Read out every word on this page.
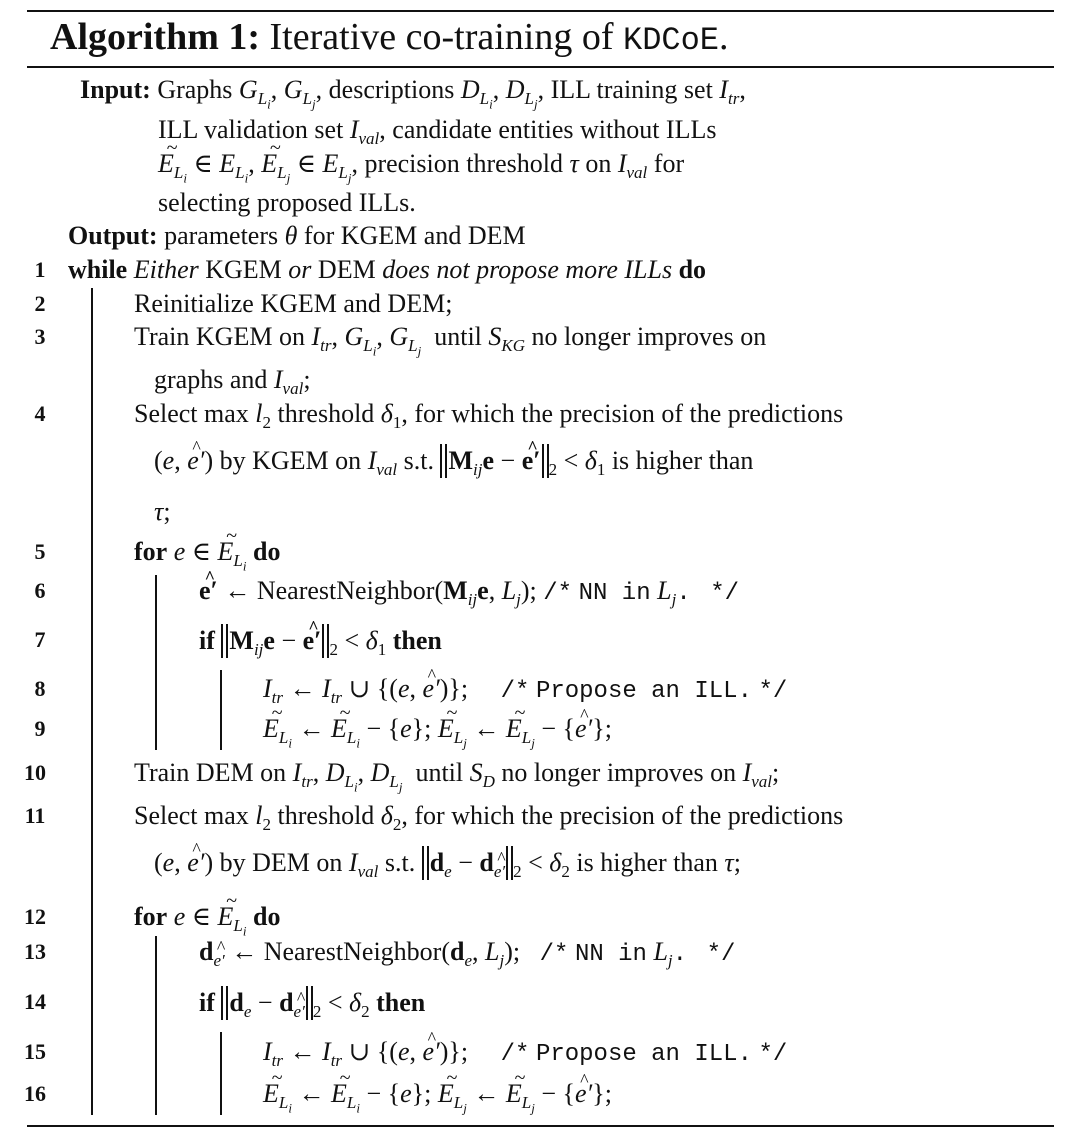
Algorithm 1: Iterative co-training of KDCoE.
Input: Graphs $G_{L_i}$, $G_{L_j}$, descriptions $D_{L_i}$, $D_{L_j}$, ILL training set $I_{tr}$,
ILL validation set $I_{val}$, candidate entities without ILLs
E $\sim_{L_i}$ ∈ $E_{L_i}$, E $\sim_{L_j}$ ∈ $E_{L_j}$, precision threshold τ on $I_{val}$ for
selecting proposed ILLs.
Output: parameters θ for KGEM and DEM
1
2
3
4
5
6
7
8
9
10
11
12
13
14
15
16
while Either KGEM or DEM does not propose more ILLs do
Reinitialize KGEM and DEM;
Train KGEM on $I_{tr}$, $G_{L_i}$, $G_{L_j}$  until $S_{KG}$ no longer improves on
graphs and $I_{val}$;
Select $\max l_2$ threshold $\delta_1$, for which the precision of the predictions
(e, e′ ^) by KGEM on $I_{val}$ s.t. $M_{ij}e - e'$ ^ $_2 < \delta_1$ is higher than
τ;
for e ∈ E $\sim_{L_i}$ do
e′ ^ ← $NearestNeighbor(M_{ij}e$, $L_j$); /* NN in $L_j$. */
if $M_{ij}e - e'$ ^ $_2 < \delta_1$ then
$I_{tr}$ ← $I_{tr}$ ∪ {(e, e′ ^)};     /* Propose an ILL. */
E $\sim_{L_i}$ ← E $\sim_{L_i} - \{e\}$; E $\sim_{L_j}$ ← E $\sim_{L_j} - \{e'$ ^};
Train DEM on $I_{tr}$, $D_{L_i}$, $D_{L_j}$  until $S_D$ no longer improves on $I_{val}$;
Select $\max l_2$ threshold $\delta_2$, for which the precision of the predictions
(e, e′ ^) by DEM on $I_{val}$ s.t. $d_e - d_{e'}$ $_2 < \delta_2$ is higher than τ;
for e ∈ E $\sim_{L_i}$ do
$d_{e'}$ ← $NearestNeighbor(d_e$, $L_j$);   /* NN in $L_j$. */
if $d_e - d_{e'}$ $_2 < \delta_2$ then
$I_{tr}$ ← $I_{tr}$ ∪ {(e, e′ ^)};     /* Propose an ILL. */
E $\sim_{L_i}$ ← E $\sim_{L_i} - \{e\}$; E $\sim_{L_j}$ ← E $\sim_{L_j} - \{e'$ ^};
